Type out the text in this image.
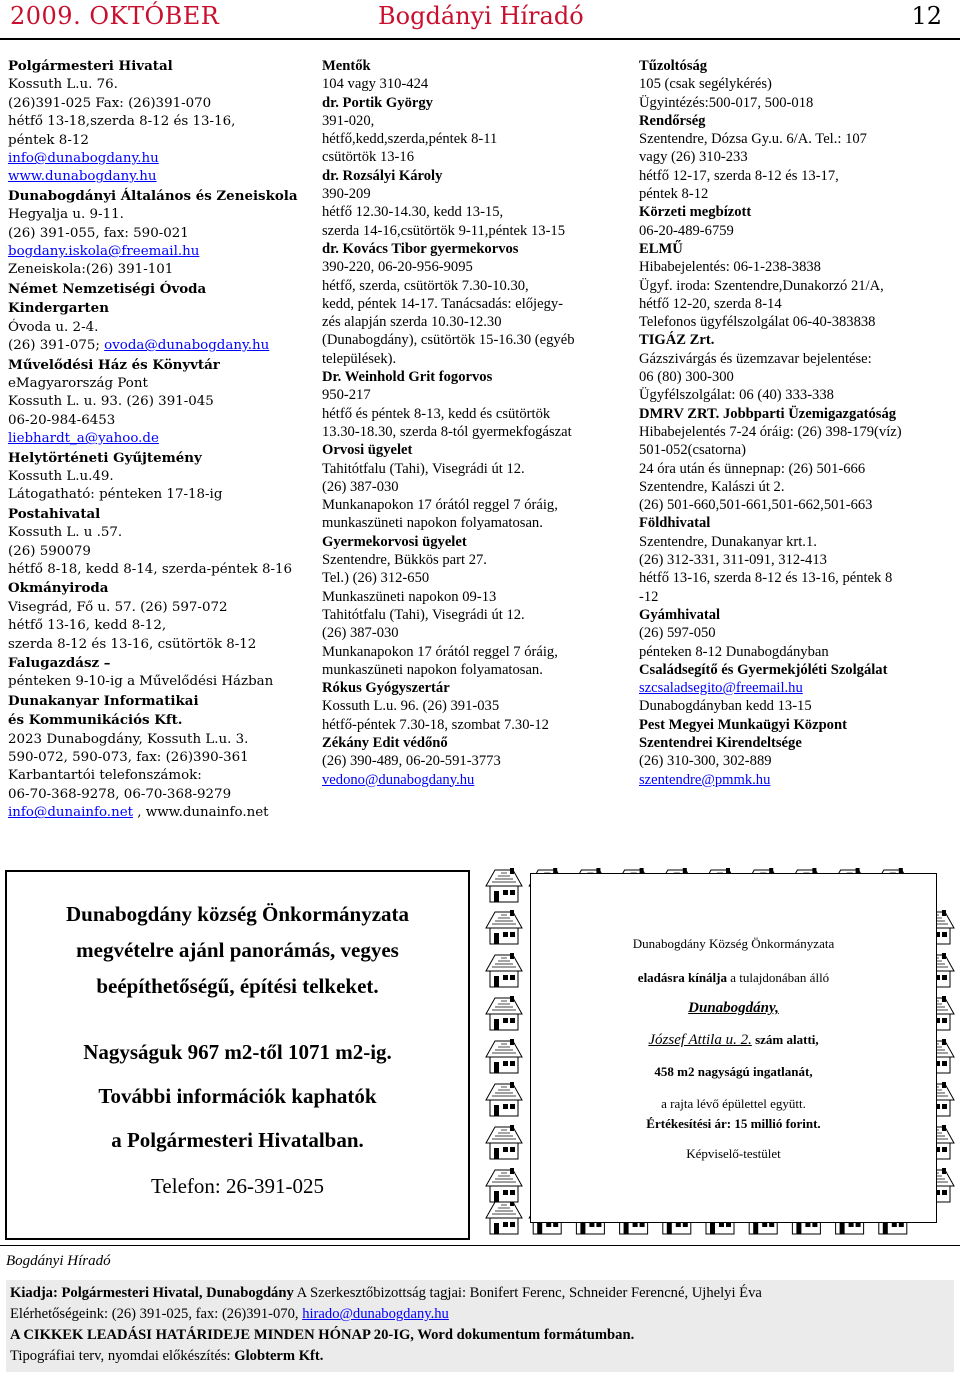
2009. OKTÓBER	Bogdányi Híradó	12
Polgármesteri Hivatal
Kossuth L.u. 76.
(26)391-025 Fax: (26)391-070
hétfő 13-18,szerda 8-12 és 13-16,
péntek 8-12
info@dunabogdany.hu
www.dunabogdany.hu
Dunabogdányi Általános és Zeneiskola
Hegyalja u. 9-11.
(26) 391-055, fax: 590-021
bogdany.iskola@freemail.hu
Zeneiskola:(26) 391-101
Német Nemzetiségi Óvoda
Kindergarten
Óvoda u. 2-4.
(26) 391-075; ovoda@dunabogdany.hu
Művelődési Ház és Könyvtár
eMagyarország Pont
Kossuth L. u. 93. (26) 391-045
06-20-984-6453
liebhardt_a@yahoo.de
Helytörténeti Gyűjtemény
Kossuth L.u.49.
Látogatható: pénteken 17-18-ig
Postahivatal
Kossuth L. u .57.
(26) 590079
hétfő 8-18, kedd 8-14, szerda-péntek 8-16
Okmányiroda
Visegrád, Fő u. 57. (26) 597-072
hétfő 13-16, kedd 8-12,
szerda 8-12 és 13-16, csütörtök 8-12
Falugazdász –
pénteken 9-10-ig a Művelődési Házban
Dunakanyar Informatikai
és Kommunikációs Kft.
2023 Dunabogdány, Kossuth L.u. 3.
590-072, 590-073, fax: (26)390-361
Karbantartói telefonszámok:
06-70-368-9278, 06-70-368-9279
info@dunainfo.net , www.dunainfo.net
Mentők
104 vagy 310-424
dr. Portik György
391-020,
hétfő,kedd,szerda,péntek 8-11
csütörtök 13-16
dr. Rozsályi Károly
390-209
hétfő 12.30-14.30, kedd 13-15,
szerda 14-16,csütörtök 9-11,péntek 13-15
dr. Kovács Tibor gyermekorvos
390-220, 06-20-956-9095
hétfő, szerda, csütörtök 7.30-10.30,
kedd, péntek 14-17. Tanácsadás: előjegy-
zés alapján szerda 10.30-12.30
(Dunabogdány), csütörtök 15-16.30 (egyéb
települések).
Dr. Weinhold Grit fogorvos
950-217
hétfő és péntek 8-13, kedd és csütörtök
13.30-18.30, szerda 8-tól gyermekfogászat
Orvosi ügyelet
Tahitótfalu (Tahi), Visegrádi út 12.
(26) 387-030
Munkanapokon 17 órától reggel 7 óráig,
munkaszüneti napokon folyamatosan.
Gyermekorvosi ügyelet
Szentendre, Bükkös part 27.
Tel.) (26) 312-650
Munkaszüneti napokon 09-13
Tahitótfalu (Tahi), Visegrádi út 12.
(26) 387-030
Munkanapokon 17 órától reggel 7 óráig,
munkaszüneti napokon folyamatosan.
Rókus Gyógyszertár
Kossuth L.u. 96. (26) 391-035
hétfő-péntek 7.30-18, szombat 7.30-12
Zékány Edit védőnő
(26) 390-489, 06-20-591-3773
vedono@dunabogdany.hu
Tűzoltóság
105 (csak segélykérés)
Ügyintézés:500-017, 500-018
Rendőrség
Szentendre, Dózsa Gy.u. 6/A. Tel.: 107
vagy (26) 310-233
hétfő 12-17, szerda 8-12 és 13-17,
péntek 8-12
Körzeti megbízott
06-20-489-6759
ELMŰ
Hibabejelentés: 06-1-238-3838
Ügyf. iroda: Szentendre,Dunakorzó 21/A,
hétfő 12-20, szerda 8-14
Telefonos ügyfélszolgálat 06-40-383838
TIGÁZ Zrt.
Gázszivárgás és üzemzavar bejelentése:
06 (80) 300-300
Ügyfélszolgálat: 06 (40) 333-338
DMRV ZRT. Jobbparti Üzemigazgatóság
Hibabejelentés 7-24 óráig: (26) 398-179(víz)
501-052(csatorna)
24 óra után és ünnepnap: (26) 501-666
Szentendre, Kalászi út 2.
(26) 501-660,501-661,501-662,501-663
Földhivatal
Szentendre, Dunakanyar krt.1.
(26) 312-331, 311-091, 312-413
hétfő 13-16, szerda 8-12 és 13-16, péntek 8
-12
Gyámhivatal
(26) 597-050
pénteken 8-12 Dunabogdányban
Családsegítő és Gyermekjóléti Szolgálat
szcsaladsegito@freemail.hu
Dunabogdányban kedd 13-15
Pest Megyei Munkaügyi Központ
Szentendrei Kirendeltsége
(26) 310-300, 302-889
szentendre@pmmk.hu
Dunabogdány község Önkormányzata
megvételre ajánl panorámás, vegyes
beépíthetőségű, építési telkeket.
Nagyságuk 967 m2-től 1071 m2-ig.
További információk kaphatók
a Polgármesteri Hivatalban.
Telefon: 26-391-025
Dunabogdány Község Önkormányzata
eladásra kínálja a tulajdonában álló
Dunabogdány,
József Attila u. 2. szám alatti,
458 m2 nagyságú ingatlanát,
a rajta lévő épülettel együtt.
Értékesítési ár: 15 millió forint.
Képviselő-testület
Bogdányi Híradó
Kiadja: Polgármesteri Hivatal, Dunabogdány A Szerkesztőbizottság tagjai: Bonifert Ferenc, Schneider Ferencné, Ujhelyi Éva
Elérhetőségeink: (26) 391-025, fax: (26)391-070, hirado@dunabogdany.hu
A CIKKEK LEADÁSI HATÁRIDEJE MINDEN HÓNAP 20-IG, Word dokumentum formátumban.
Tipográfiai terv, nyomdai előkészítés: Globterm Kft.
